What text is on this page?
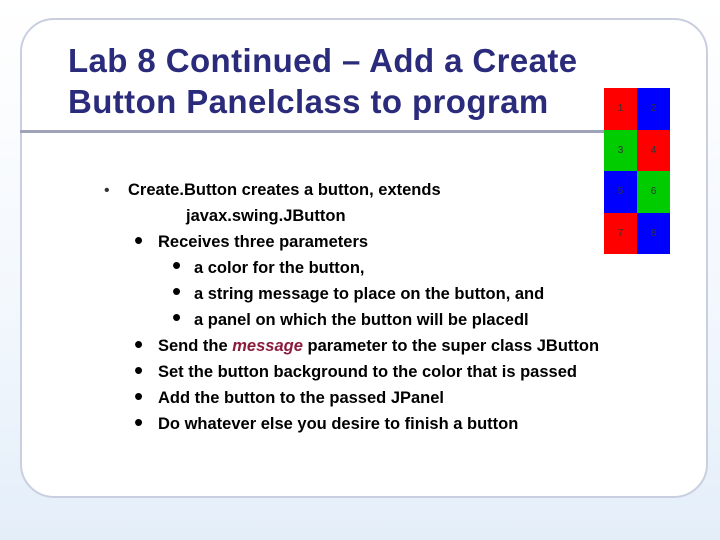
Lab 8 Continued – Add a Create
Button Panelclass to program	1	2
3	4
5	6
7	8
• Create.Button creates a button, extends
javax.swing.JButton
• Receives three parameters
• a color for the button,
• a string message to place on the button, and
• a panel on which the button will be placedl
• Send the message parameter to the super class JButton
• Set the button background to the color that is passed
• Add the button to the passed JPanel
• Do whatever else you desire to finish a button
